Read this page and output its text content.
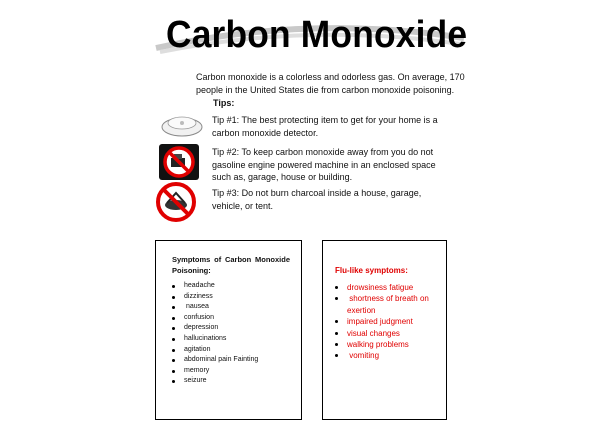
Carbon Monoxide
Carbon monoxide is a colorless and odorless gas. On average, 170 people in the United States die from carbon monoxide poisoning.
Tips:
Tip #1: The best protecting item to get for your home is a carbon monoxide detector.
Tip #2: To keep carbon monoxide away from you do not gasoline engine powered machine in an enclosed space such as, garage, house or building.
Tip #3: Do not burn charcoal inside a house, garage, vehicle, or tent.
Symptoms of Carbon Monoxide Poisoning:
headache
dizziness
nausea
confusion
depression
hallucinations
agitation
abdominal pain Fainting
memory
seizure
Flu-like symptoms:
drowsiness fatigue
shortness of breath on exertion
impaired judgment
visual changes
walking problems
vomiting
